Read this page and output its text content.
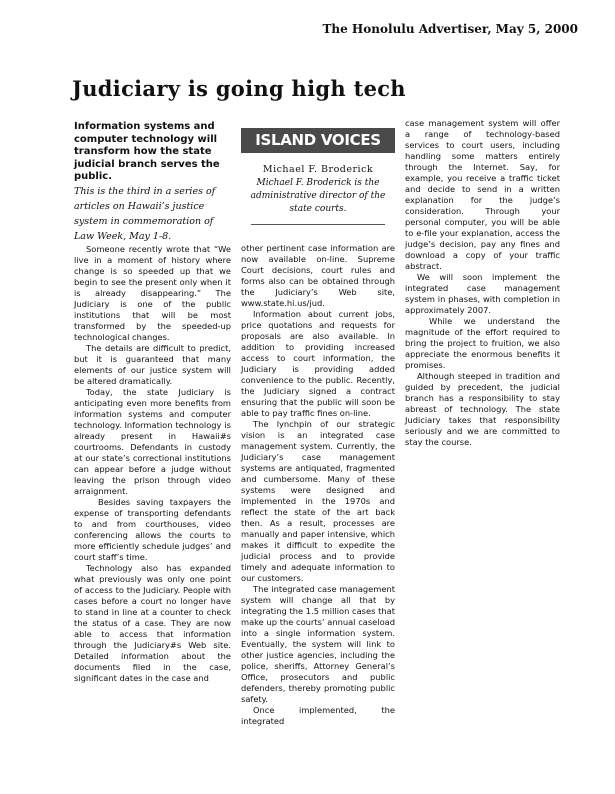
The Honolulu Advertiser, May 5, 2000
Judiciary is going high tech

Information systems and computer technology will transform how the state judicial branch serves the public.

This is the third in a series of articles on Hawaii’s justice system in commemoration of Law Week, May 1-8.

Someone recently wrote that “We live in a moment of history where change is so speeded up that we begin to see the present only when it is already disappearing.” The Judiciary is one of the public institutions that will be most transformed by the speeded-up technological changes.

The details are difficult to predict, but it is guaranteed that many elements of our justice system will be altered dramatically.

Today, the state Judiciary is anticipating even more benefits from information systems and computer technology. Information technology is already present in Hawaii#s courtrooms. Defendants in custody at our state’s correctional institutions can appear before a judge without leaving the prison through video arraignment.

Besides saving taxpayers the expense of transporting defendants to and from courthouses, video conferencing allows the courts to more efficiently schedule judges’ and court staff’s time.

Technology also has expanded what previously was only one point of access to the Judiciary. People with cases before a court no longer have to stand in line at a counter to check the status of a case. They are now able to access that information through the Judiciary#s Web site. Detailed information about the documents filed in the case, significant dates in the case and

ISLAND VOICES
Michael F. Broderick
Michael F. Broderick is the administrative director of the state courts.

other pertinent case information are now available on-line. Supreme Court decisions, court rules and forms also can be obtained through the Judiciary’s Web site, www.state.hi.us/jud.

Information about current jobs, price quotations and requests for proposals are also available. In addition to providing increased access to court information, the Judiciary is providing added convenience to the public. Recently, the Judiciary signed a contract ensuring that the public will soon be able to pay traffic fines on-line.

The lynchpin of our strategic vision is an integrated case management system. Currently, the Judiciary’s case management systems are antiquated, fragmented and cumbersome. Many of these systems were designed and implemented in the 1970s and reflect the state of the art back then. As a result, processes are manually and paper intensive, which makes it difficult to expedite the judicial process and to provide timely and adequate information to our customers.

The integrated case management system will change all that by integrating the 1.5 million cases that make up the courts’ annual caseload into a single information system. Eventually, the system will link to other justice agencies, including the police, sheriffs, Attorney General’s Office, prosecutors and public defenders, thereby promoting public safety.

Once implemented, the integrated

case management system will offer a range of technology-based services to court users, including handling some matters entirely through the Internet. Say, for example, you receive a traffic ticket and decide to send in a written explanation for the judge’s consideration. Through your personal computer, you will be able to e-file your explanation, access the judge’s decision, pay any fines and download a copy of your traffic abstract.

We will soon implement the integrated case management system in phases, with completion in approximately 2007.

While we understand the magnitude of the effort required to bring the project to fruition, we also appreciate the enormous benefits it promises.

Although steeped in tradition and guided by precedent, the judicial branch has a responsibility to stay abreast of technology. The state Judiciary takes that responsibility seriously and we are committed to stay the course.
